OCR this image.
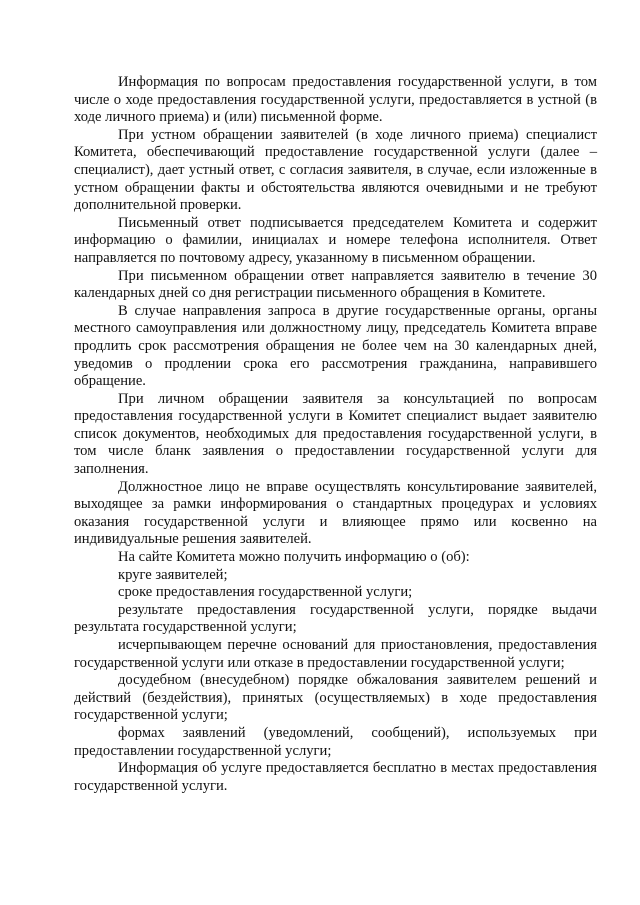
Информация по вопросам предоставления государственной услуги, в том числе о ходе предоставления государственной услуги, предоставляется в устной (в ходе личного приема) и (или) письменной форме.

При устном обращении заявителей (в ходе личного приема) специалист Комитета, обеспечивающий предоставление государственной услуги (далее – специалист), дает устный ответ, с согласия заявителя, в случае, если изложенные в устном обращении факты и обстоятельства являются очевидными и не требуют дополнительной проверки.

Письменный ответ подписывается председателем Комитета и содержит информацию о фамилии, инициалах и номере телефона исполнителя. Ответ направляется по почтовому адресу, указанному в письменном обращении.

При письменном обращении ответ направляется заявителю в течение 30 календарных дней со дня регистрации письменного обращения в Комитете.

В случае направления запроса в другие государственные органы, органы местного самоуправления или должностному лицу, председатель Комитета вправе продлить срок рассмотрения обращения не более чем на 30 календарных дней, уведомив о продлении срока его рассмотрения гражданина, направившего обращение.

При личном обращении заявителя за консультацией по вопросам предоставления государственной услуги в Комитет специалист выдает заявителю список документов, необходимых для предоставления государственной услуги, в том числе бланк заявления о предоставлении государственной услуги для заполнения.

Должностное лицо не вправе осуществлять консультирование заявителей, выходящее за рамки информирования о стандартных процедурах и условиях оказания государственной услуги и влияющее прямо или косвенно на индивидуальные решения заявителей.

На сайте Комитета можно получить информацию о (об):

круге заявителей;

сроке предоставления государственной услуги;

результате предоставления государственной услуги, порядке выдачи результата государственной услуги;

исчерпывающем перечне оснований для приостановления, предоставления государственной услуги или отказе в предоставлении государственной услуги;

досудебном (внесудебном) порядке обжалования заявителем решений и действий (бездействия), принятых (осуществляемых) в ходе предоставления государственной услуги;

формах заявлений (уведомлений, сообщений), используемых при предоставлении государственной услуги;

Информация об услуге предоставляется бесплатно в местах предоставления государственной услуги.
